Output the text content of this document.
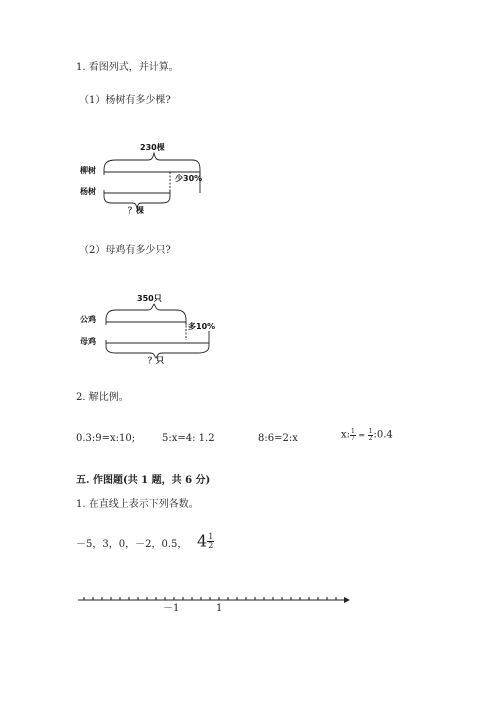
1. 看图列式，并计算。
（1）杨树有多少棵?
230棵
柳树
杨树
少30%
？棵
（2）母鸡有多少只?
350只
公鸡
母鸡
多10%
？只
2. 解比例。
0.3:9=x:10;	5:x=4: 1.2	8:6=2:x	x: $\frac{1}{7} = \frac{1}{2}$ :0.4
五. 作图题(共 1 题，共 6 分)
1. 在直线上表示下列各数。
－5，3，0，－2，0.5， $4 \frac{1}{2}$
－1	1
